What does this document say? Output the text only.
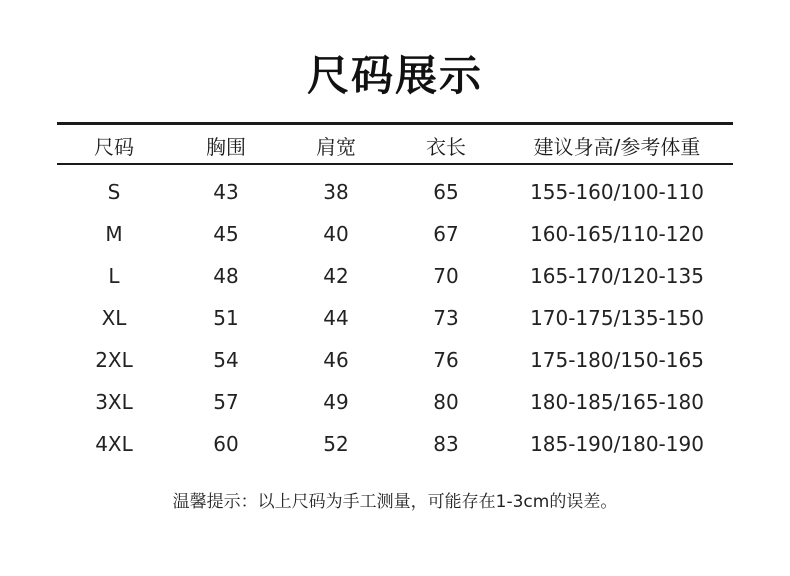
尺码展示
尺码	胸围	肩宽	衣长	建议身高/参考体重
S	43	38	65	155-160/100-110
M	45	40	67	160-165/110-120
L	48	42	70	165-170/120-135
XL	51	44	73	170-175/135-150
2XL	54	46	76	175-180/150-165
3XL	57	49	80	180-185/165-180
4XL	60	52	83	185-190/180-190
温馨提示：以上尺码为手工测量，可能存在1-3cm的误差。
